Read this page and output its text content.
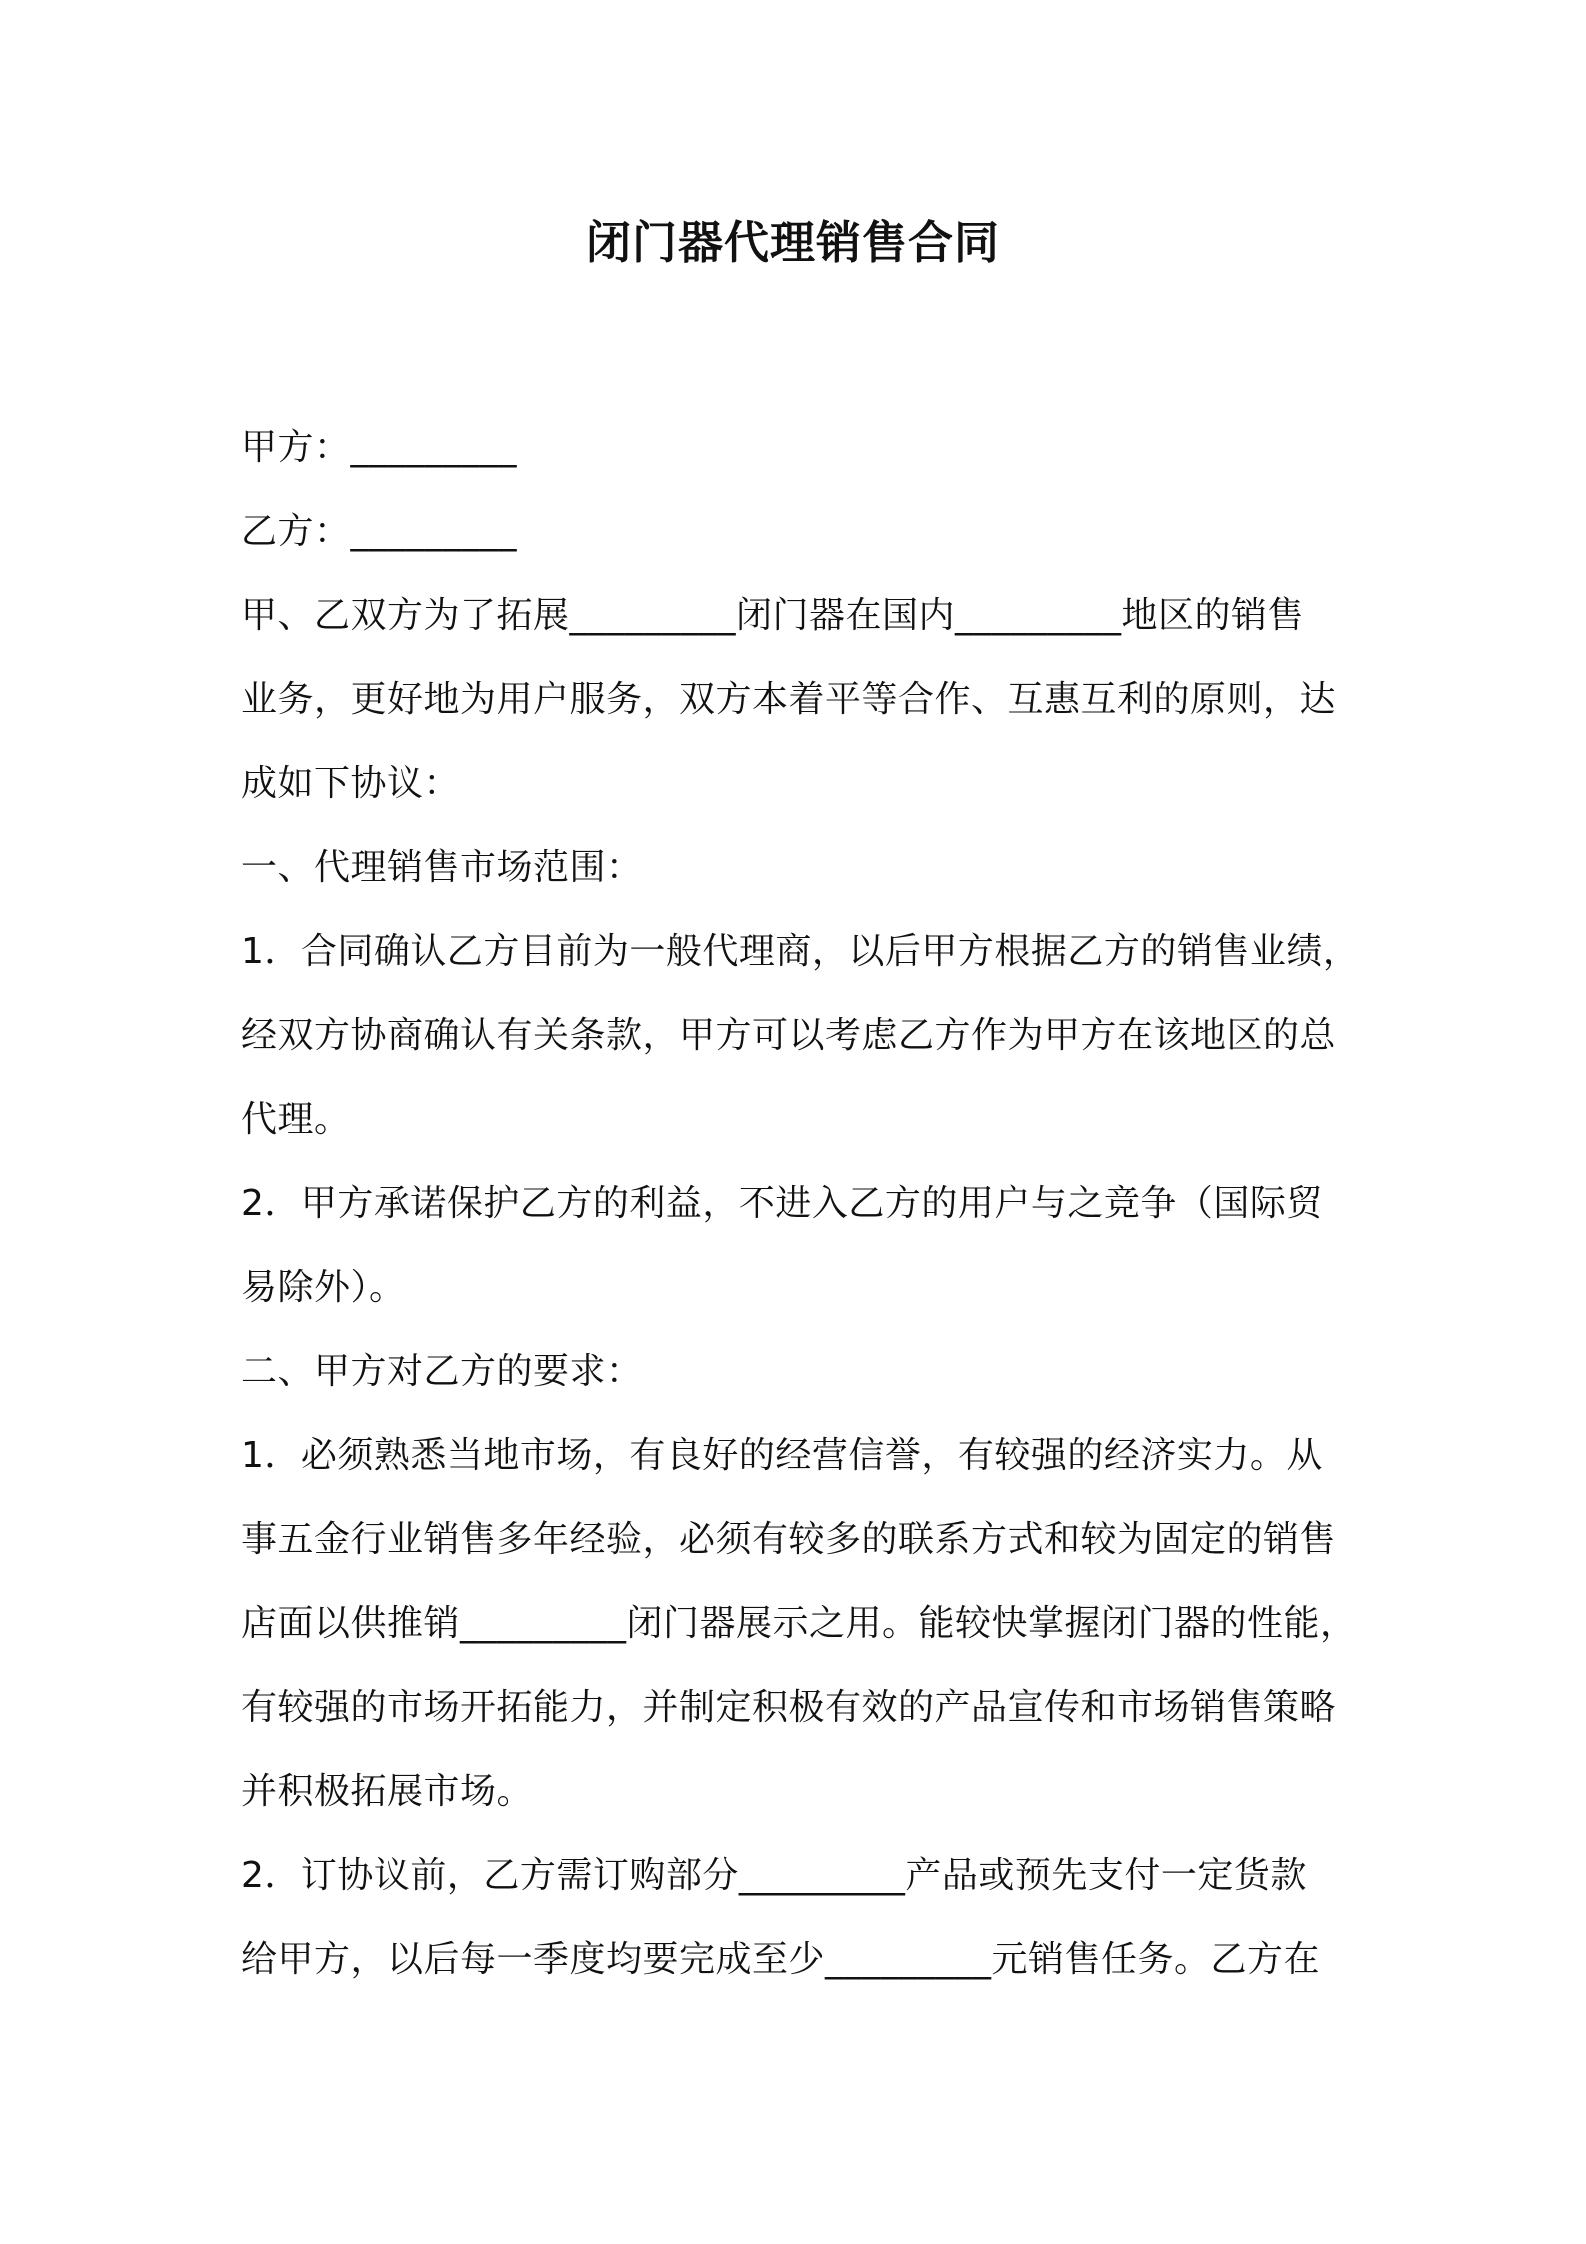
闭门器代理销售合同

甲方：_________

乙方：_________

甲、乙双方为了拓展_________闭门器在国内_________地区的销售

业务，更好地为用户服务，双方本着平等合作、互惠互利的原则，达

成如下协议：

一、代理销售市场范围：

1．合同确认乙方目前为一般代理商，以后甲方根据乙方的销售业绩，

经双方协商确认有关条款，甲方可以考虑乙方作为甲方在该地区的总

代理。

2．甲方承诺保护乙方的利益，不进入乙方的用户与之竞争（国际贸

易除外）。

二、甲方对乙方的要求：

1．必须熟悉当地市场，有良好的经营信誉，有较强的经济实力。从

事五金行业销售多年经验，必须有较多的联系方式和较为固定的销售

店面以供推销_________闭门器展示之用。能较快掌握闭门器的性能，

有较强的市场开拓能力，并制定积极有效的产品宣传和市场销售策略

并积极拓展市场。

2．订协议前，乙方需订购部分_________产品或预先支付一定货款

给甲方，以后每一季度均要完成至少_________元销售任务。乙方在
